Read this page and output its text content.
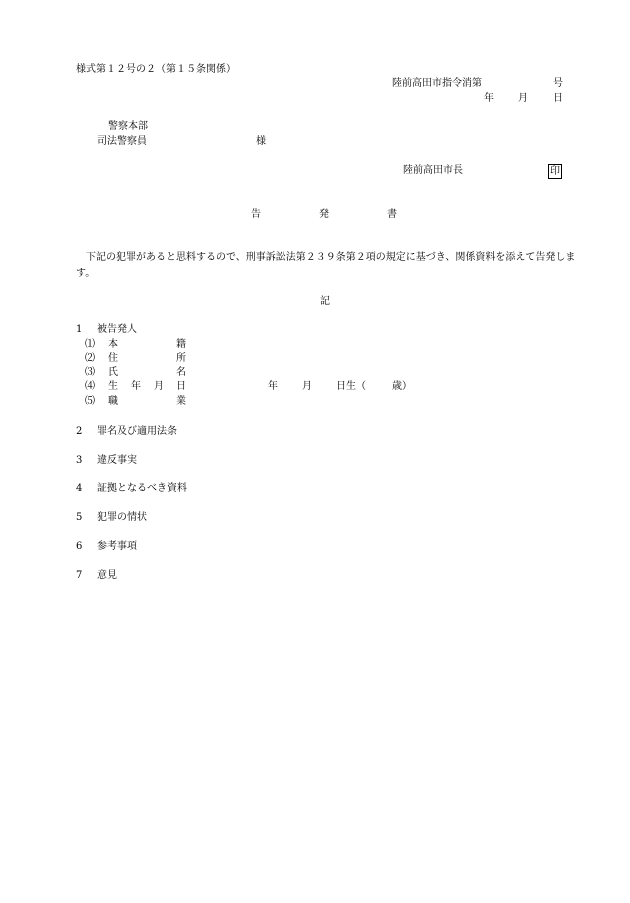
様式第１２号の２（第１５条関係）
陸前高田市指令消第	号
年 月	日
警察本部
司法警察員	様
陸前高田市長	印
告	発	書
下記の犯罪があると思料するので、刑事訴訟法第２３９条第２項の規定に基づき、関係資料を添えて告発します。
記
1 被告発人
⑴ 本	籍
⑵ 住	所
⑶ 氏	名
⑷ 生 年 月 日	年 月 日生（	歳）
⑸ 職	業
2 罪名及び適用法条
3 違反事実
4 証拠となるべき資料
5 犯罪の情状
6 参考事項
7 意見
